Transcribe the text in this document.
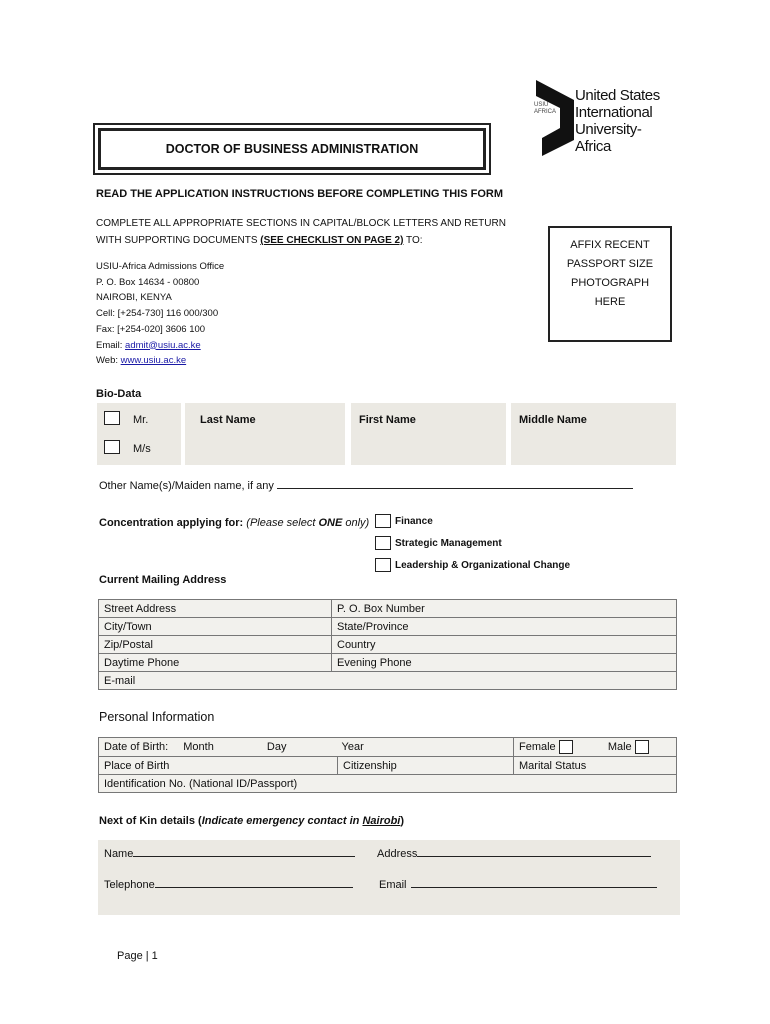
USIU AFRICA
United States
International
University-Africa
DOCTOR OF BUSINESS ADMINISTRATION
READ THE APPLICATION INSTRUCTIONS BEFORE COMPLETING THIS FORM
COMPLETE ALL APPROPRIATE SECTIONS IN CAPITAL/BLOCK LETTERS AND RETURN
WITH SUPPORTING DOCUMENTS (SEE CHECKLIST ON PAGE 2) TO:
USIU-Africa Admissions Office
P. O. Box 14634 - 00800
NAIROBI, KENYA
Cell: [+254-730] 116 000/300
Fax: [+254-020] 3606 100
Email: admit@usiu.ac.ke
Web: www.usiu.ac.ke
AFFIX RECENT
PASSPORT SIZE
PHOTOGRAPH
HERE
Bio-Data
Mr.
M/s
Last Name	First Name	Middle Name
Other Name(s)/Maiden name, if any
Concentration applying for: (Please select ONE only)	Finance
Strategic Management
Leadership & Organizational Change
Current Mailing Address
Street Address	P. O. Box Number
City/Town	State/Province
Zip/Postal	Country
Daytime Phone	Evening Phone
E-mail	
Personal Information
Date of Birth: Month Day Year		Female Male
Place of Birth	Citizenship	Marital Status
Identification No. (National ID/Passport)		
Next of Kin details (Indicate emergency contact in Nairobi)
Name	Address
Telephone	Email
Page | 1
